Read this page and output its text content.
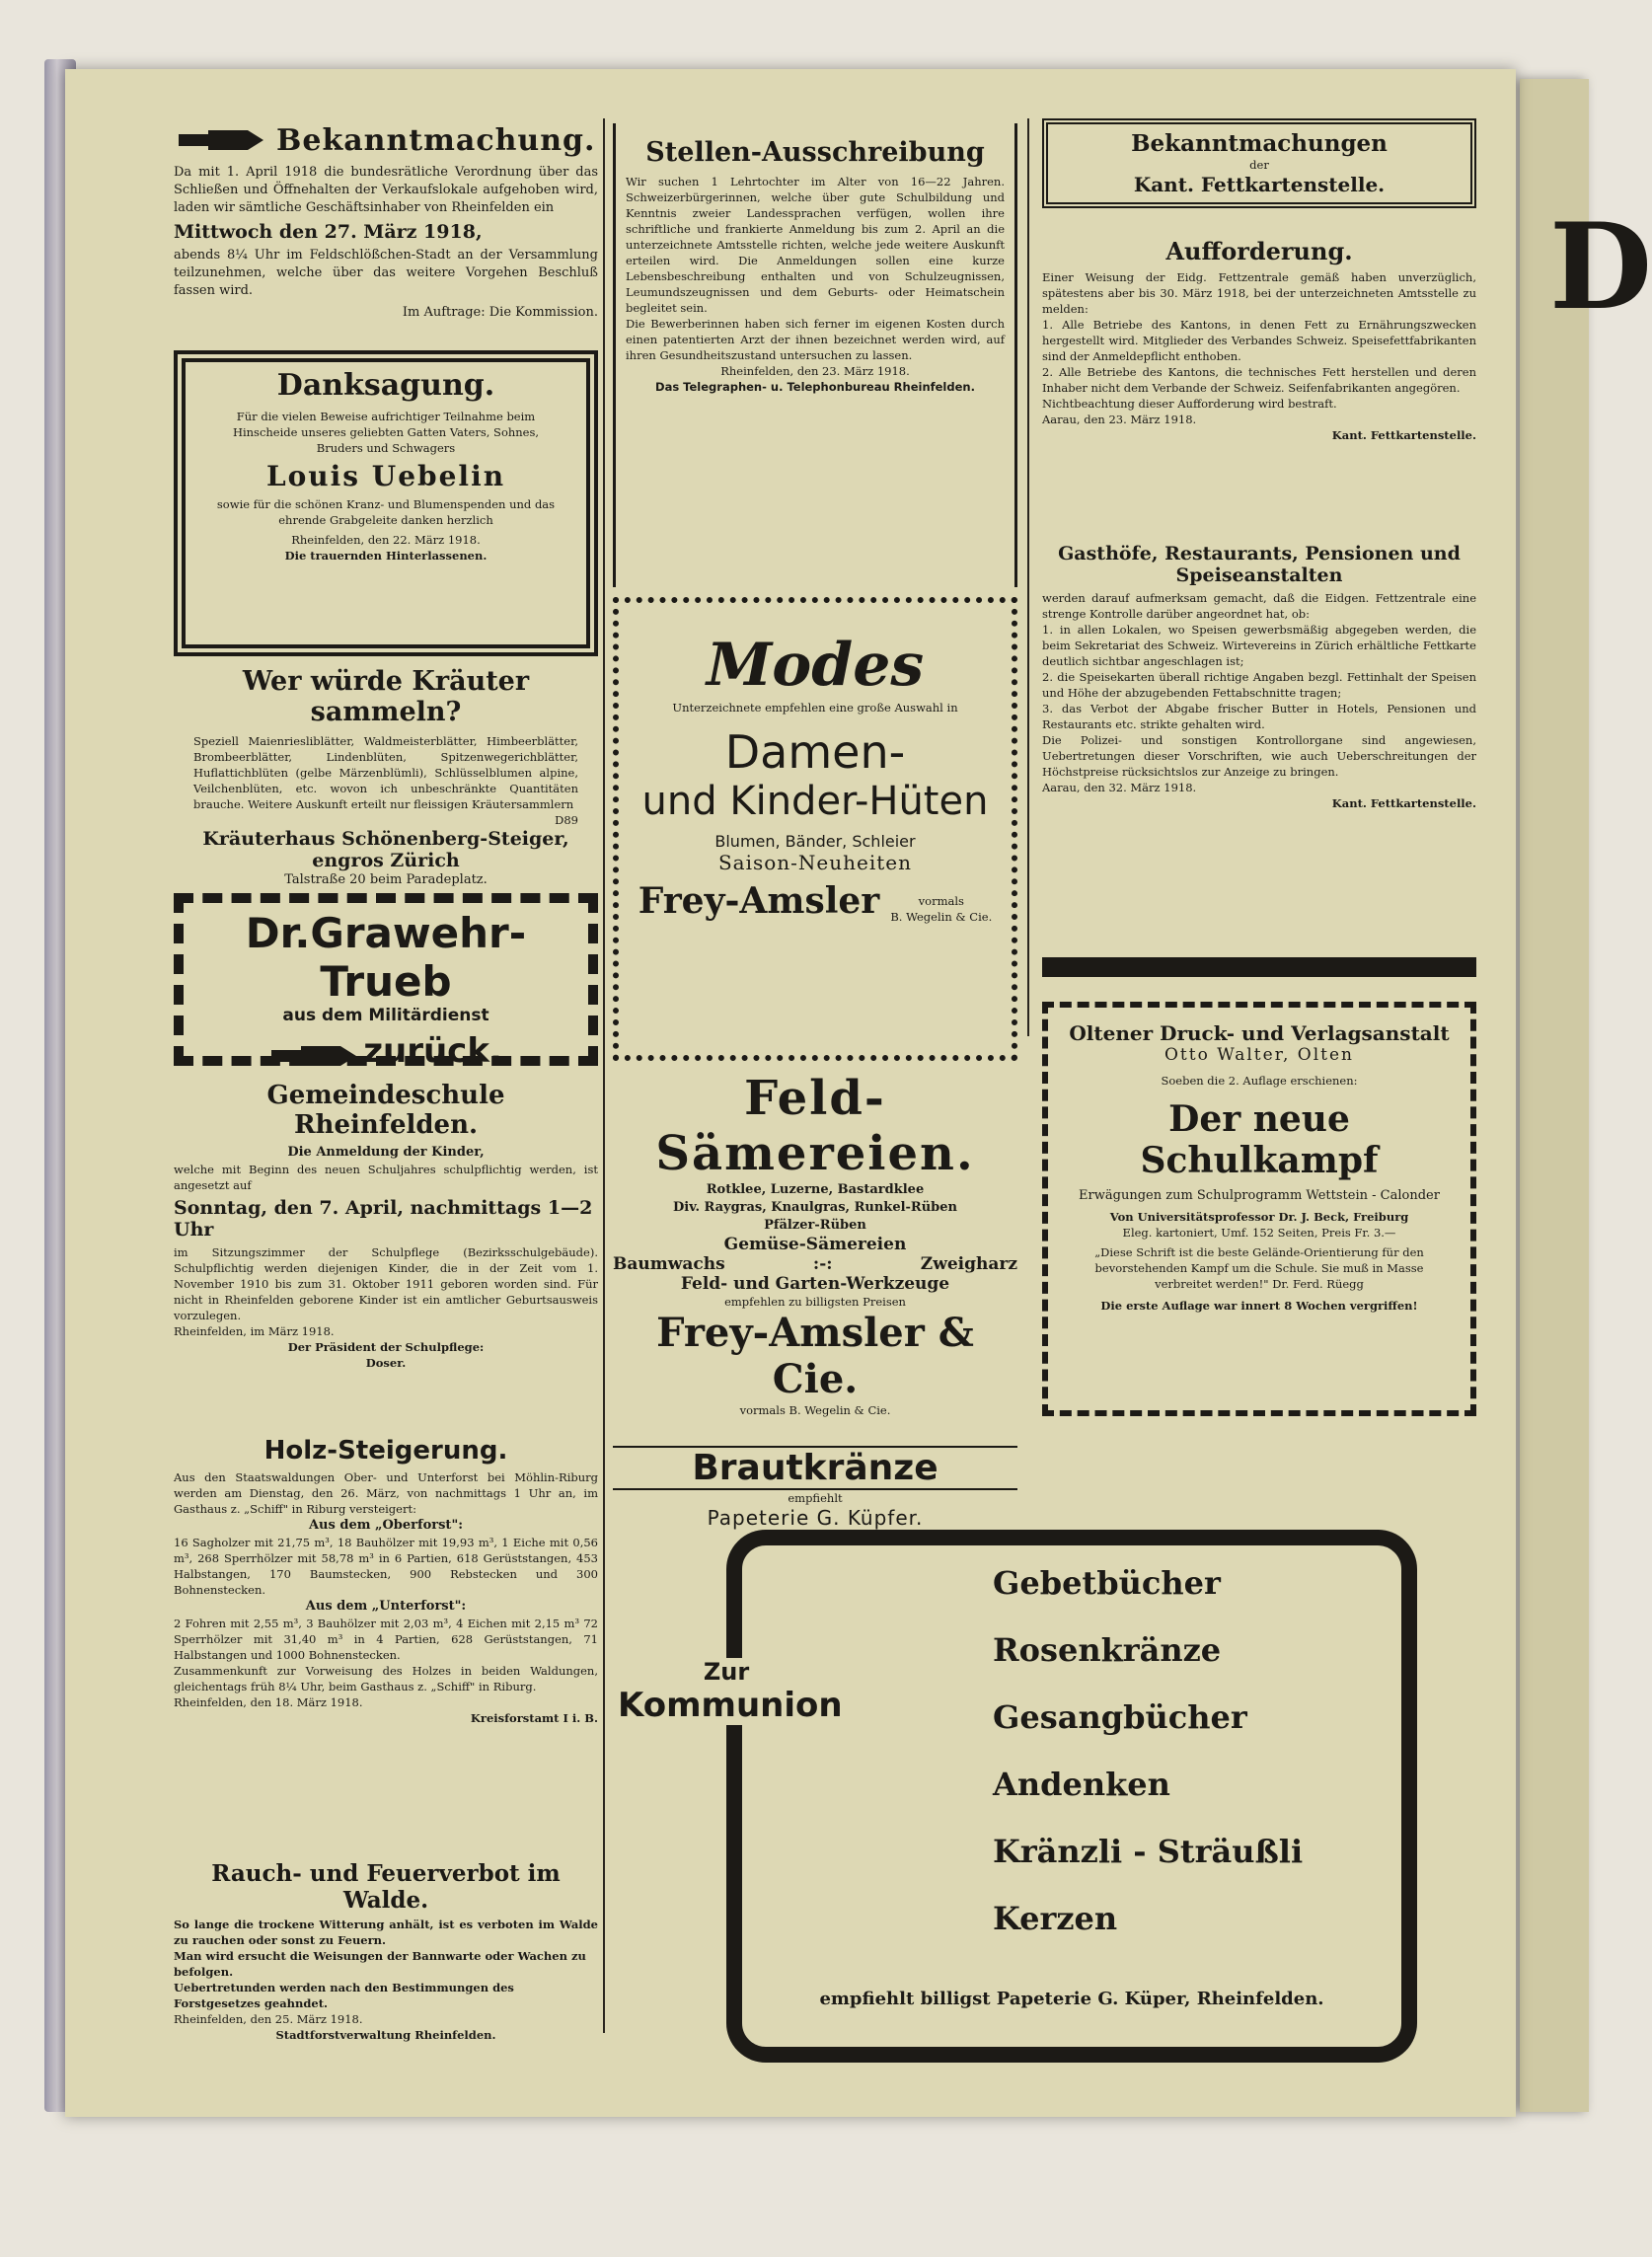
D
Bekanntmachung.

Da mit 1. April 1918 die bundesrätliche Verordnung über das Schließen und Öffnehalten der Verkaufslokale aufgehoben wird, laden wir sämtliche Geschäftsinhaber von Rheinfelden ein

Mittwoch den 27. März 1918,

abends 8¼ Uhr im Feldschlößchen-Stadt an der Versammlung teilzunehmen, welche über das weitere Vorgehen Beschluß fassen wird.

Im Auftrage: Die Kommission.

Danksagung.

Für die vielen Beweise aufrichtiger Teilnahme beim Hinscheide unseres geliebten Gatten Vaters, Sohnes, Bruders und Schwagers

Louis Uebelin

sowie für die schönen Kranz- und Blumenspenden und das ehrende Grabgeleite danken herzlich

Rheinfelden, den 22. März 1918.

Die trauernden Hinterlassenen.

Wer würde Kräuter sammeln?

Speziell Maienriesliblätter, Waldmeisterblätter, Himbeerblätter, Brombeerblätter, Lindenblüten, Spitzenwegerichblätter, Huflattichblüten (gelbe Märzenblümli), Schlüsselblumen alpine, Veilchenblüten, etc. wovon ich unbeschränkte Quantitäten brauche. Weitere Auskunft erteilt nur fleissigen Kräutersammlern

D89

Kräuterhaus Schönenberg-Steiger, engros Zürich

Talstraße 20 beim Paradeplatz.

Dr.Grawehr-Trueb
aus dem Militärdienst
zurück.
Gemeindeschule Rheinfelden.

Die Anmeldung der Kinder,

welche mit Beginn des neuen Schuljahres schulpflichtig werden, ist angesetzt auf

Sonntag, den 7. April, nachmittags 1—2 Uhr

im Sitzungszimmer der Schulpflege (Bezirksschulgebäude). Schulpflichtig werden diejenigen Kinder, die in der Zeit vom 1. November 1910 bis zum 31. Oktober 1911 geboren worden sind. Für nicht in Rheinfelden geborene Kinder ist ein amtlicher Geburtsausweis vorzulegen.

Rheinfelden, im März 1918.

Der Präsident der Schulpflege:

Doser.

Holz-Steigerung.

Aus den Staatswaldungen Ober- und Unterforst bei Möhlin-Riburg werden am Dienstag, den 26. März, von nachmittags 1 Uhr an, im Gasthaus z. „Schiff" in Riburg versteigert:

Aus dem „Oberforst":

16 Sagholzer mit 21,75 m³, 18 Bauhölzer mit 19,93 m³, 1 Eiche mit 0,56 m³, 268 Sperrhölzer mit 58,78 m³ in 6 Partien, 618 Gerüststangen, 453 Halbstangen, 170 Baumstecken, 900 Rebstecken und 300 Bohnenstecken.

Aus dem „Unterforst":

2 Fohren mit 2,55 m³, 3 Bauhölzer mit 2,03 m³, 4 Eichen mit 2,15 m³ 72 Sperrhölzer mit 31,40 m³ in 4 Partien, 628 Gerüststangen, 71 Halbstangen und 1000 Bohnenstecken.

Zusammenkunft zur Vorweisung des Holzes in beiden Waldungen, gleichentags früh 8¼ Uhr, beim Gasthaus z. „Schiff" in Riburg.

Rheinfelden, den 18. März 1918.

Kreisforstamt I i. B.

Rauch- und Feuerverbot im Walde.

So lange die trockene Witterung anhält, ist es verboten im Walde zu rauchen oder sonst zu Feuern.

Man wird ersucht die Weisungen der Bannwarte oder Wachen zu befolgen.

Uebertretunden werden nach den Bestimmungen des Forstgesetzes geahndet.

Rheinfelden, den 25. März 1918.

Stadtforstverwaltung Rheinfelden.

Stellen-Ausschreibung

Wir suchen 1 Lehrtochter im Alter von 16—22 Jahren. Schweizerbürgerinnen, welche über gute Schulbildung und Kenntnis zweier Landessprachen verfügen, wollen ihre schriftliche und frankierte Anmeldung bis zum 2. April an die unterzeichnete Amtsstelle richten, welche jede weitere Auskunft erteilen wird. Die Anmeldungen sollen eine kurze Lebensbeschreibung enthalten und von Schulzeugnissen, Leumundszeugnissen und dem Geburts- oder Heimatschein begleitet sein.

Die Bewerberinnen haben sich ferner im eigenen Kosten durch einen patentierten Arzt der ihnen bezeichnet werden wird, auf ihren Gesundheitszustand untersuchen zu lassen.

Rheinfelden, den 23. März 1918.

Das Telegraphen- u. Telephonbureau Rheinfelden.

Modes

Unterzeichnete empfehlen eine große Auswahl in

Damen-

und Kinder-Hüten

Blumen, Bänder, Schleier

Saison-Neuheiten

Frey-Amsler	vormals
B. Wegelin & Cie.
Feld-Sämereien.

Rotklee, Luzerne, Bastardklee

Div. Raygras, Knaulgras, Runkel-Rüben

Pfälzer-Rüben

Gemüse-Sämereien

Baumwachs	:-:	Zweigharz

Feld- und Garten-Werkzeuge

empfehlen zu billigsten Preisen

Frey-Amsler & Cie.

vormals B. Wegelin & Cie.

Brautkränze

empfiehlt

Papeterie G. Küpfer.

Bekanntmachungen
der
Kant. Fettkartenstelle.
Aufforderung.

Einer Weisung der Eidg. Fettzentrale gemäß haben unverzüglich, spätestens aber bis 30. März 1918, bei der unterzeichneten Amtsstelle zu melden:

1. Alle Betriebe des Kantons, in denen Fett zu Ernährungszwecken hergestellt wird. Mitglieder des Verbandes Schweiz. Speisefettfabrikanten sind der Anmeldepflicht enthoben.

2. Alle Betriebe des Kantons, die technisches Fett herstellen und deren Inhaber nicht dem Verbande der Schweiz. Seifenfabrikanten angegören.

Nichtbeachtung dieser Aufforderung wird bestraft.

Aarau, den 23. März 1918.

Kant. Fettkartenstelle.

Gasthöfe, Restaurants, Pensionen und Speiseanstalten

werden darauf aufmerksam gemacht, daß die Eidgen. Fettzentrale eine strenge Kontrolle darüber angeordnet hat, ob:

1. in allen Lokalen, wo Speisen gewerbsmäßig abgegeben werden, die beim Sekretariat des Schweiz. Wirtevereins in Zürich erhältliche Fettkarte deutlich sichtbar angeschlagen ist;

2. die Speisekarten überall richtige Angaben bezgl. Fettinhalt der Speisen und Höhe der abzugebenden Fettabschnitte tragen;

3. das Verbot der Abgabe frischer Butter in Hotels, Pensionen und Restaurants etc. strikte gehalten wird.

Die Polizei- und sonstigen Kontrollorgane sind angewiesen, Uebertretungen dieser Vorschriften, wie auch Ueberschreitungen der Höchstpreise rücksichtslos zur Anzeige zu bringen.

Aarau, den 32. März 1918.

Kant. Fettkartenstelle.

Oltener Druck- und Verlagsanstalt
Otto Walter, Olten
Soeben die 2. Auflage erschienen:
Der neue Schulkampf
Erwägungen zum Schulprogramm Wettstein - Calonder
Von Universitätsprofessor Dr. J. Beck, Freiburg
Eleg. kartoniert, Umf. 152 Seiten, Preis Fr. 3.—
„Diese Schrift ist die beste Gelände-Orientierung für den bevorstehenden Kampf um die Schule. Sie muß in Masse verbreitet werden!" Dr. Ferd. Rüegg
Die erste Auflage war innert 8 Wochen vergriffen!
Zur
Kommunion
Gebetbücher
Rosenkränze
Gesangbücher
Andenken
Kränzli - Sträußli
Kerzen
empfiehlt billigst Papeterie G. Küper, Rheinfelden.
